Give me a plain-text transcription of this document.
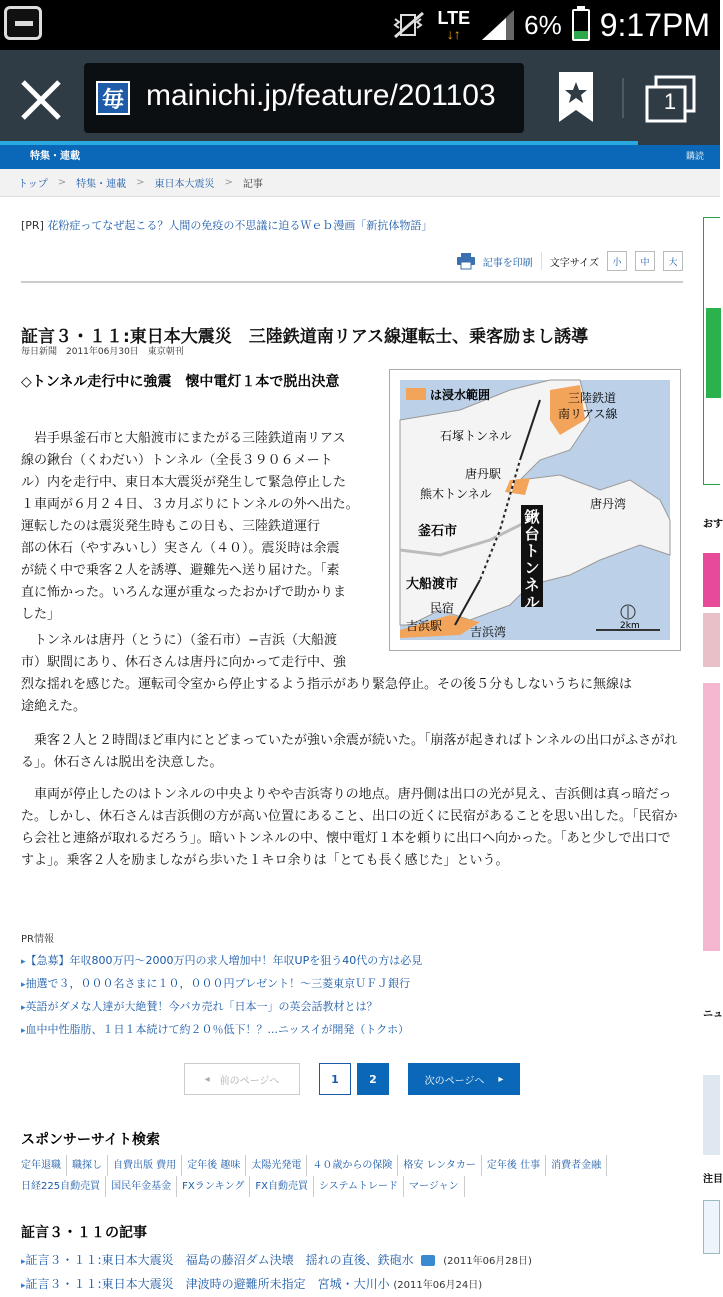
LTE
↓↑ 6% 9:17PM
毎 mainichi.jp/feature/201103	1
特集・連載	購読
トップ > 特集・連載 > 東日本大震災 > 記事
[PR] 花粉症ってなぜ起こる？人間の免疫の不思議に迫るＷｅｂ漫画「新抗体物語」
記事を印刷 文字サイズ	小	中	大
証言３・１１:東日本大震災　三陸鉄道南リアス線運転士、乗客励まし誘導
毎日新聞　2011年06月30日　東京朝刊
◇トンネル走行中に強震　懐中電灯１本で脱出決意
は浸水範囲	三陸鉄道
南リアス線
石塚トンネル
唐丹駅
熊木トンネル
唐丹湾
釜石市
鍬台トンネル
大船渡市
民宿
吉浜駅 吉浜湾	2km
岩手県釜石市と大船渡市にまたがる三陸鉄道南リアス
線の鍬台（くわだい）トンネル（全長３９０６メート
ル）内を走行中、東日本大震災が発生して緊急停止した
１車両が６月２４日、３カ月ぶりにトンネルの外へ出た。
運転したのは震災発生時もこの日も、三陸鉄道運行
部の休石（やすみいし）実さん（４０）。震災時は余震
が続く中で乗客２人を誘導、避難先へ送り届けた。「素
直に怖かった。いろんな運が重なったおかげで助かりま
した」
トンネルは唐丹（とうに）（釜石市）−吉浜（大船渡
市）駅間にあり、休石さんは唐丹に向かって走行中、強
烈な揺れを感じた。運転司令室から停止するよう指示があり緊急停止。その後５分もしないうちに無線は
途絶えた。

乗客２人と２時間ほど車内にとどまっていたが強い余震が続いた。「崩落が起きればトンネルの出口がふさがれる」。休石さんは脱出を決意した。

車両が停止したのはトンネルの中央よりやや吉浜寄りの地点。唐丹側は出口の光が見え、吉浜側は真っ暗だった。しかし、休石さんは吉浜側の方が高い位置にあること、出口の近くに民宿があることを思い出した。「民宿から会社と連絡が取れるだろう」。暗いトンネルの中、懐中電灯１本を頼りに出口へ向かった。「あと少しで出口ですよ」。乗客２人を励ましながら歩いた１キロ余りは「とても長く感じた」という。

PR情報
▸ 【急募】年収800万円〜2000万円の求人増加中！年収UPを狙う40代の方は必見
▸ 抽選で３，０００名さまに１０，０００円プレゼント！〜三菱東京ＵＦＪ銀行
▸ 英語がダメな人達が大絶賛！今バカ売れ「日本一」の英会話教材とは？
▸ 血中中性脂肪、１日１本続けて約２０％低下！？...ニッスイが開発（トクホ）
◂ 前のページへ	1	2	次のページへ ▸
スポンサーサイト検索
定年退職	職探し	自費出版 費用	定年後 趣味	太陽光発電	４０歳からの保険	格安 レンタカー	定年後 仕事	消費者金融
日経225自動売買	国民年金基金	FXランキング	FX自動売買	システムトレード	マージャン
証言３・１１の記事
▸ 証言３・１１:東日本大震災　福島の藤沼ダム決壊　揺れの直後、鉄砲水	(2011年06月28日)
▸ 証言３・１１:東日本大震災　津波時の避難所未指定　宮城・大川小 (2011年06月24日)
おす
ニュ
注目
